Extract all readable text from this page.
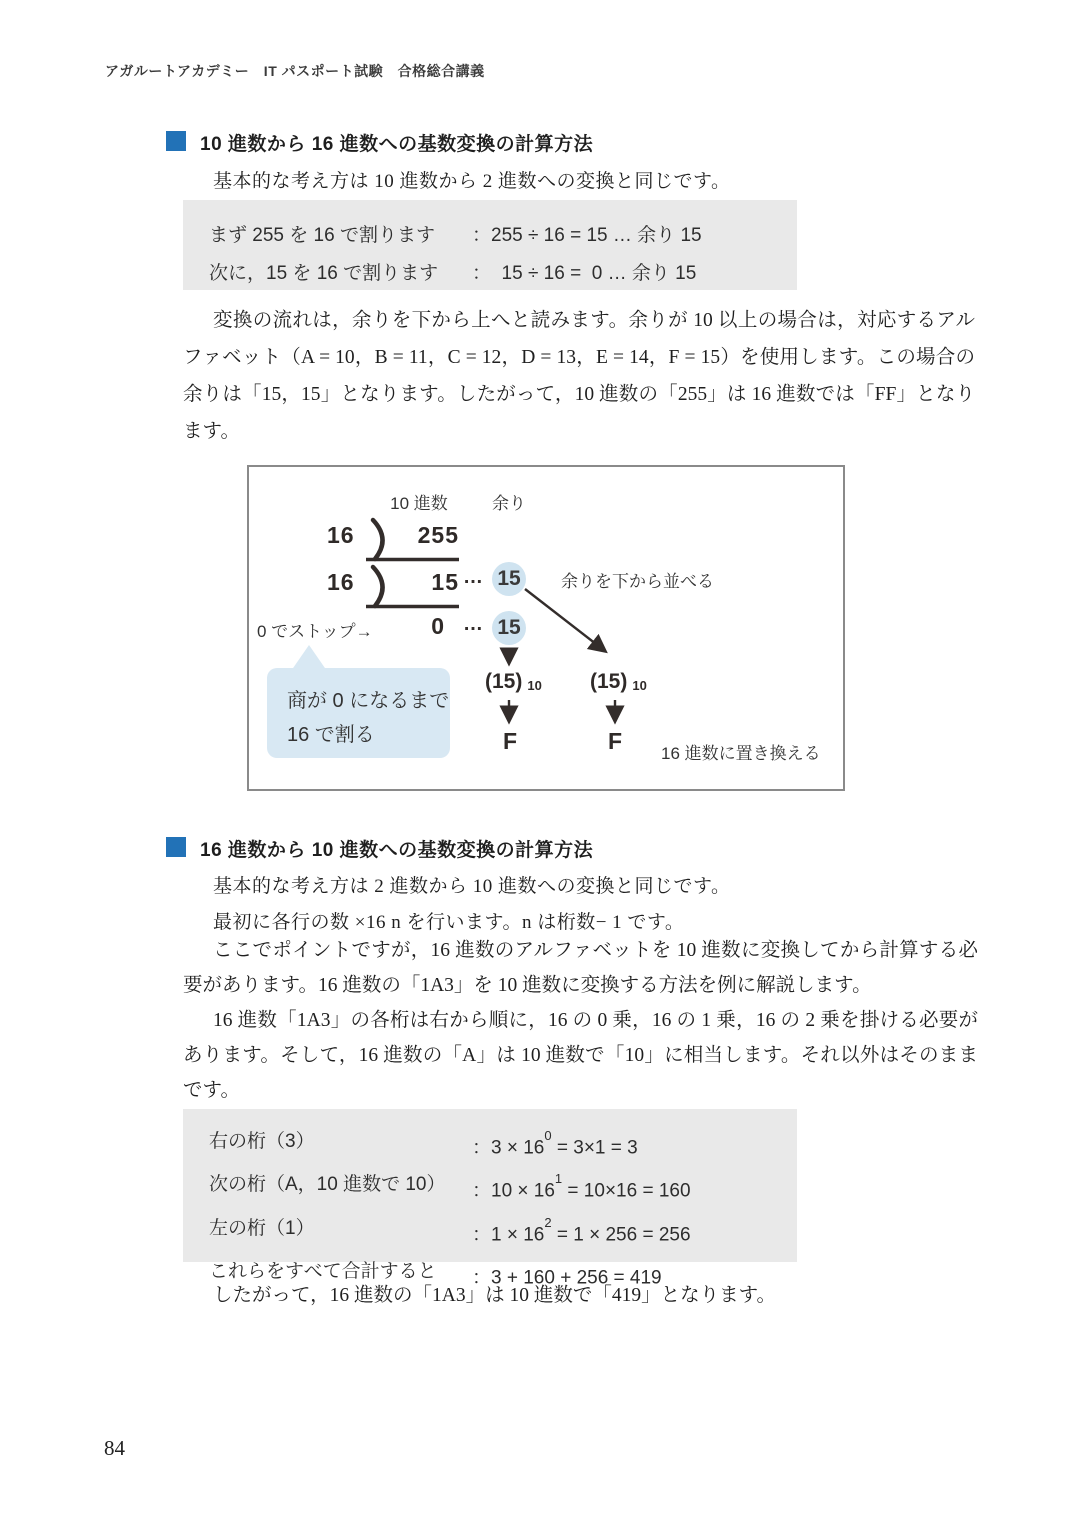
アガルートアカデミー　IT パスポート試験　合格総合講義
10 進数から 16 進数への基数変換の計算方法
基本的な考え方は 10 進数から 2 進数への変換と同じです。
まず 255 を 16 で割ります	：255 ÷ 16 = 15 … 余り 15
次に，15 を 16 で割ります	：  15 ÷ 16 =  0 … 余り 15
変換の流れは，余りを下から上へと読みます。余りが 10 以上の場合は，対応するアルファベット（A = 10，B = 11，C = 12，D = 13，E = 14，F = 15）を使用します。この場合の余りは「15，15」となります。したがって，10 進数の「255」は 16 進数では「FF」となります。
10 進数	余り
16	255
16	15 … 15 余りを下から並べる
0 でストップ→	0 … 15
(15) 10 (15) 10
F	F	16 進数に置き換える
商が 0 になるまで
16 で割る
16 進数から 10 進数への基数変換の計算方法
基本的な考え方は 2 進数から 10 進数への変換と同じです。
最初に各行の数 ×16 n を行います。n は桁数− 1 です。
ここでポイントですが，16 進数のアルファベットを 10 進数に変換してから計算する必要があります。16 進数の「1A3」を 10 進数に変換する方法を例に解説します。
16 進数「1A3」の各桁は右から順に，16 の 0 乗，16 の 1 乗，16 の 2 乗を掛ける必要があります。そして，16 進数の「A」は 10 進数で「10」に相当します。それ以外はそのままです。
右の桁（3）	：$3 \times 16^0 = 3\times 1 = 3$
次の桁（A，10 進数で 10）	：$10 \times 16^1 = 10\times 16 = 160$
左の桁（1）	：$1 \times 16^2 = 1 \times 256 = 256$
これらをすべて合計すると	：3 + 160 + 256 = 419
したがって，16 進数の「1A3」は 10 進数で「419」となります。
84
